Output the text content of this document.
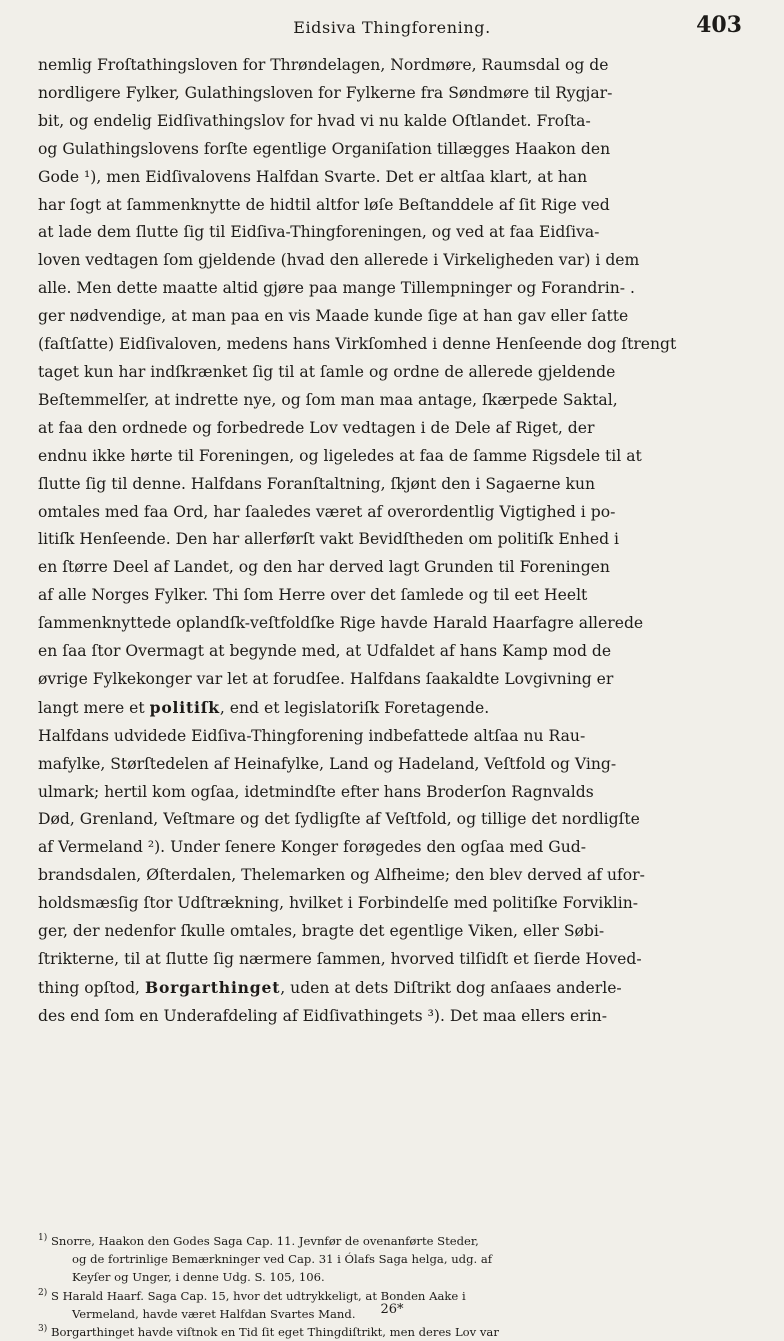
Eidsiva Thingforening.	403
nemlig Froſtathingsloven for Thrøndelagen, Nordmøre, Raumsdal og de
nordligere Fylker, Gulathingsloven for Fylkerne fra Søndmøre til Rygjar-
bit, og endelig Eidſivathingslov for hvad vi nu kalde Oſtlandet. Froſta-
og Gulathingslovens forſte egentlige Organiſation tillægges Haakon den
Gode ¹), men Eidſivalovens Halfdan Svarte. Det er altſaa klart, at han
har ſogt at ſammenknytte de hidtil altfor løſe Beſtanddele af ſit Rige ved
at lade dem ſlutte ſig til Eidſiva-Thingforeningen, og ved at faa Eidſiva-
loven vedtagen ſom gjeldende (hvad den allerede i Virkeligheden var) i dem
alle. Men dette maatte altid gjøre paa mange Tillempninger og Forandrin- .
ger nødvendige, at man paa en vis Maade kunde ſige at han gav eller ſatte
(faſtſatte) Eidſivaloven, medens hans Virkſomhed i denne Henſeende dog ſtrengt
taget kun har indſkrænket ſig til at ſamle og ordne de allerede gjeldende
Beſtemmelſer, at indrette nye, og ſom man maa antage, ſkærpede Saktal,
at faa den ordnede og forbedrede Lov vedtagen i de Dele af Riget, der
endnu ikke hørte til Foreningen, og ligeledes at faa de ſamme Rigsdele til at
ſlutte ſig til denne. Halfdans Foranſtaltning, ſkjønt den i Sagaerne kun
omtales med faa Ord, har ſaaledes været af overordentlig Vigtighed i po-
litiſk Henſeende. Den har allerførſt vakt Bevidſtheden om politiſk Enhed i
en ſtørre Deel af Landet, og den har derved lagt Grunden til Foreningen
af alle Norges Fylker. Thi ſom Herre over det ſamlede og til eet Heelt
ſammenknyttede oplandſk-veſtfoldſke Rige havde Harald Haarfagre allerede
en ſaa ſtor Overmagt at begynde med, at Udfaldet af hans Kamp mod de
øvrige Fylkekonger var let at forudſee. Halfdans ſaakaldte Lovgivning er
langt mere et politiſk, end et legislatoriſk Foretagende.
Halfdans udvidede Eidſiva-Thingforening indbefattede altſaa nu Rau-
mafylke, Størſtedelen af Heinafylke, Land og Hadeland, Veſtfold og Ving-
ulmark; hertil kom ogſaa, idetmindſte efter hans Broderſon Ragnvalds
Død, Grenland, Veſtmare og det ſydligſte af Veſtfold, og tillige det nordligſte
af Vermeland ²). Under ſenere Konger forøgedes den ogſaa med Gud-
brandsdalen, Øſterdalen, Thelemarken og Alfheime; den blev derved af ufor-
holdsmæsſig ſtor Udſtrækning, hvilket i Forbindelſe med politiſke Forviklin-
ger, der nedenfor ſkulle omtales, bragte det egentlige Viken, eller Søbi-
ſtrikterne, til at ſlutte ſig nærmere ſammen, hvorved tilſidſt et ſierde Hoved-
thing opſtod, Borgarthinget, uden at dets Diſtrikt dog anſaaes anderle-
des end ſom en Underafdeling af Eidſivathingets ³). Det maa ellers erin-
$^{1)}$ Snorre, Haakon den Godes Saga Cap. 11. Jevnfør de ovenanførte Steder,
og de fortrinlige Bemærkninger ved Cap. 31 i Ólafs Saga helga, udg. af
Keyſer og Unger, i denne Udg. S. 105, 106.
$^{2)}$ S Harald Haarf. Saga Cap. 15, hvor det udtrykkeligt, at Bonden Aake i
Vermeland, havde været Halfdan Svartes Mand.
$^{3)}$ Borgarthinget havde viſtnok en Tid ſit eget Thingdiſtrikt, men deres Lov var
26*
